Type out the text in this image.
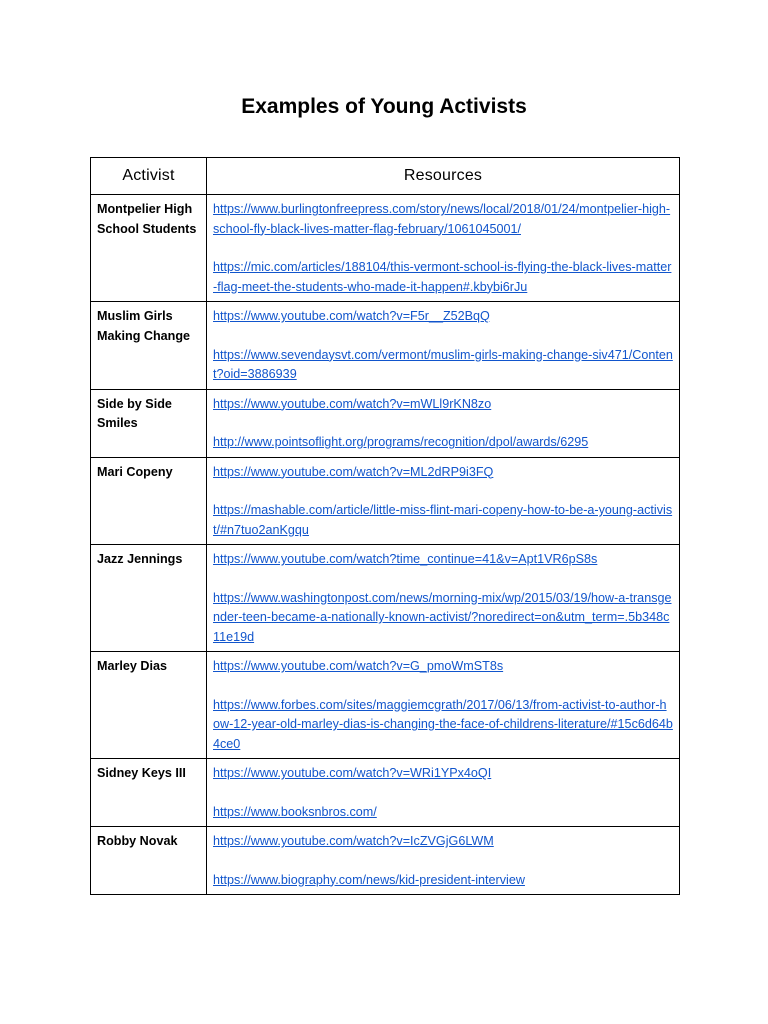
Examples of Young Activists
Activist	Resources
Montpelier High School Students	https://www.burlingtonfreepress.com/story/news/local/2018/01/24/montpelier-high-school-fly-black-lives-matter-flag-february/1061045001/
https://mic.com/articles/188104/this-vermont-school-is-flying-the-black-lives-matter-flag-meet-the-students-who-made-it-happen#.kbybi6rJu

Muslim Girls Making Change	https://www.youtube.com/watch?v=F5r__Z52BqQ
https://www.sevendaysvt.com/vermont/muslim-girls-making-change-siv471/Content?oid=3886939

Side by Side Smiles	https://www.youtube.com/watch?v=mWLl9rKN8zo
http://www.pointsoflight.org/programs/recognition/dpol/awards/6295

Mari Copeny	https://www.youtube.com/watch?v=ML2dRP9i3FQ
https://mashable.com/article/little-miss-flint-mari-copeny-how-to-be-a-young-activist/#n7tuo2anKgqu

Jazz Jennings	https://www.youtube.com/watch?time_continue=41&v=Apt1VR6pS8s
https://www.washingtonpost.com/news/morning-mix/wp/2015/03/19/how-a-transgender-teen-became-a-nationally-known-activist/?noredirect=on&utm_term=.5b348c11e19d

Marley Dias	https://www.youtube.com/watch?v=G_pmoWmST8s
https://www.forbes.com/sites/maggiemcgrath/2017/06/13/from-activist-to-author-how-12-year-old-marley-dias-is-changing-the-face-of-childrens-literature/#15c6d64b4ce0

Sidney Keys III	https://www.youtube.com/watch?v=WRi1YPx4oQI
https://www.booksnbros.com/

Robby Novak	https://www.youtube.com/watch?v=IcZVGjG6LWM
https://www.biography.com/news/kid-president-interview
